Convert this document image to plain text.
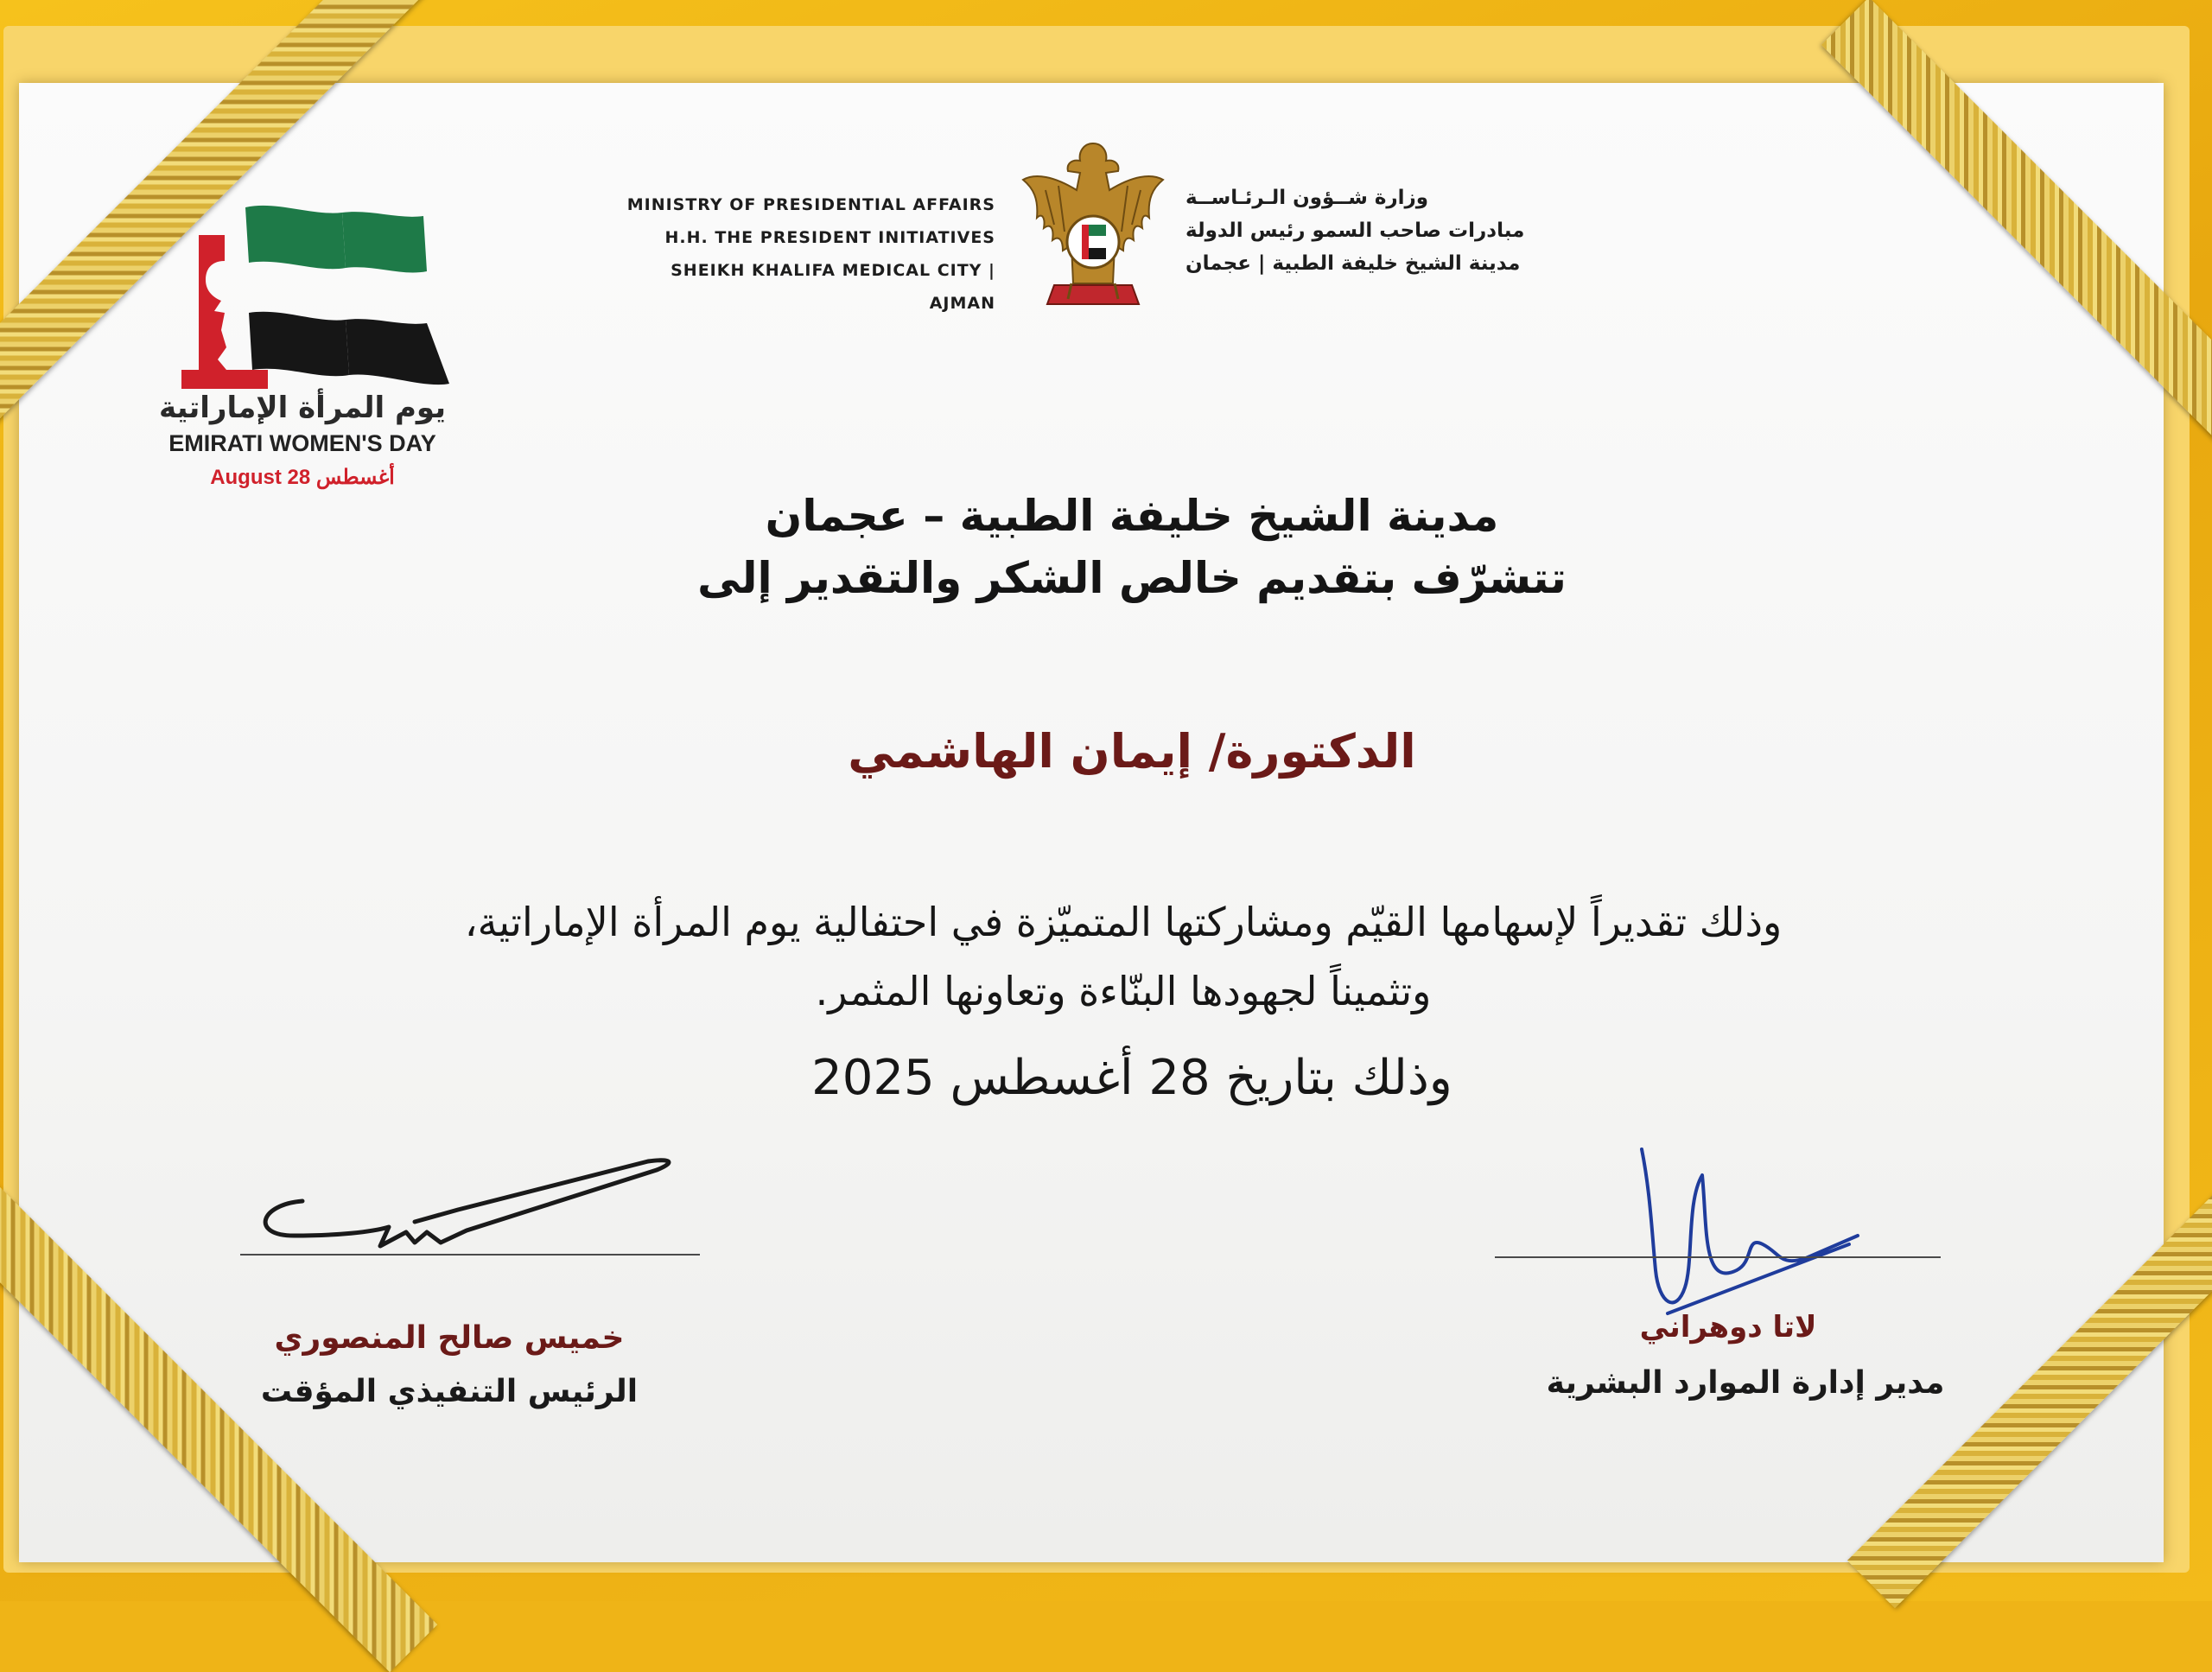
MINISTRY OF PRESIDENTIAL AFFAIRS
H.H. THE PRESIDENT INITIATIVES
SHEIKH KHALIFA MEDICAL CITY | AJMAN
وزارة شــؤون الـرئـاســة
مبادرات صاحب السمو رئيس الدولة
مدينة الشيخ خليفة الطبية | عجمان
يوم المرأة الإماراتية
EMIRATI WOMEN'S DAY
August 28 أغسطس
مدينة الشيخ خليفة الطبية – عجمان
تتشرّف بتقديم خالص الشكر والتقدير إلى
الدكتورة/ إيمان الهاشمي
وذلك تقديراً لإسهامها القيّم ومشاركتها المتميّزة في احتفالية يوم المرأة الإماراتية،
وتثميناً لجهودها البنّاءة وتعاونها المثمر.
وذلك بتاريخ 28 أغسطس 2025
خميس صالح المنصوري
الرئيس التنفيذي المؤقت
لاتا دوهراني
مدير إدارة الموارد البشرية
